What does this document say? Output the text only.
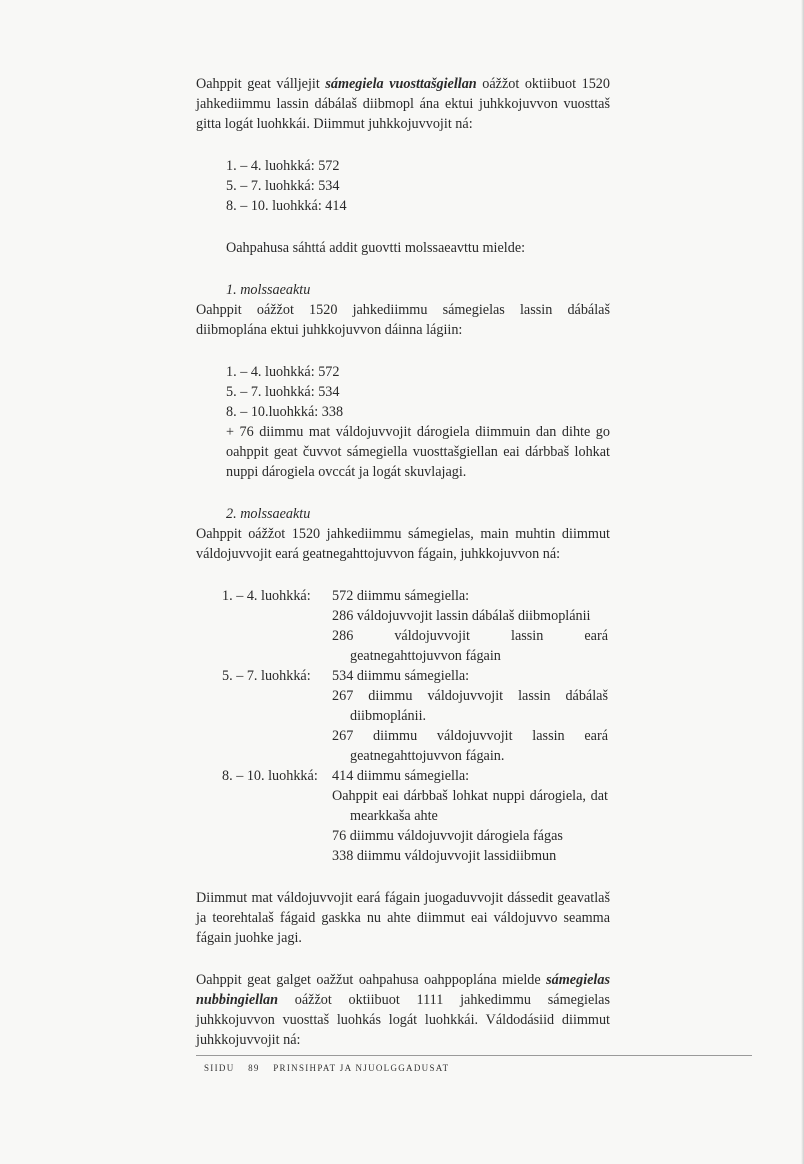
Oahppit geat válljejit sámegiela vuosttašgiellan oážžot oktiibuot 1520 jahkediimmu lassin dábálaš diibmopl ána ektui juhkkojuvvon vuosttaš gitta logát luohkkái. Diimmut juhkkojuvvojit ná:

1. – 4. luohkká: 572
5. – 7. luohkká: 534
8. – 10. luohkká: 414

Oahpahusa sáhttá addit guovtti molssaeavttu mielde:

1. molssaeaktu

Oahppit oážžot 1520 jahkediimmu sámegielas lassin dábálaš diibmoplána ektui juhkkojuvvon dáinna lágiin:

1. – 4. luohkká: 572
5. – 7. luohkká: 534
8. – 10.luohkká: 338
+ 76 diimmu mat váldojuvvojit dárogiela diimmuin dan dihte go oahppit geat čuvvot sámegiella vuosttašgiellan eai dárbbaš lohkat nuppi dárogiela ovccát ja logát skuvlajagi.

2. molssaeaktu

Oahppit oážžot 1520 jahkediimmu sámegielas, main muhtin diimmut váldojuvvojit eará geatnegahttojuvvon fágain, juhkkojuvvon ná:

1. – 4. luohkká:	572 diimmu sámegiella:
286 váldojuvvojit lassin dábálaš diibmoplánii
286 váldojuvvojit lassin eará geatnegahttojuvvon fágain

5. – 7. luohkká:	534 diimmu sámegiella:
267 diimmu váldojuvvojit lassin dábálaš diibmoplánii.
267 diimmu váldojuvvojit lassin eará geatnegahttojuvvon fágain.

8. – 10. luohkká:	414 diimmu sámegiella:
Oahppit eai dárbbaš lohkat nuppi dárogiela, dat mearkkaša ahte
76 diimmu váldojuvvojit dárogiela fágas
338 diimmu váldojuvvojit lassidiibmun

Diimmut mat váldojuvvojit eará fágain juogaduvvojit dássedit geavatlaš ja teorehtalaš fágaid gaskka nu ahte diimmut eai váldojuvvo seamma fágain juohke jagi.

Oahppit geat galget oažžut oahpahusa oahppoplána mielde sámegielas nubbingiellan oážžot oktiibuot 1111 jahkedimmu sámegielas juhkkojuvvon vuosttaš luohkás logát luohkkái. Váldodásiid diimmut juhkkojuvvojit ná:

SIIDU 89 PRINSIHPAT JA NJUOLGGADUSAT
